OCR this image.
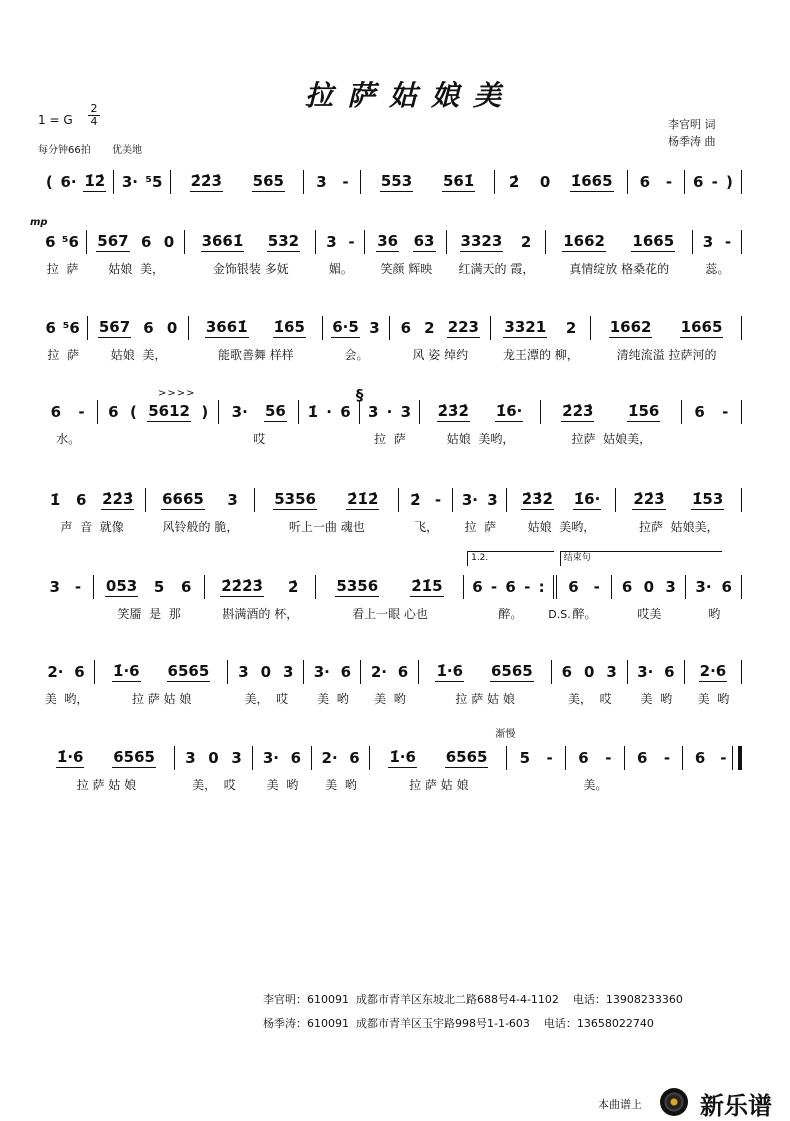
拉萨姑娘美
1 = G
2
4
每分钟66拍 优美地
李官明 词
杨季涛 曲
( 6· 1̇2̇ 3· ⁵5 2̇2̇3̇ 565 3 - 553 561̇ 2̇ 0 1̇665 6 - 6 - )
mp
6 ⁵6
拉  萨
567 6 0
姑娘  美，
3661̇ 532
金饰银装 多妩
3 -
媚。
36 63
笑颜 辉映
3323 2
红满天的 霞，
1662 1665
真情绽放 格桑花的
3 -
蕊。
6 ⁵6
拉  萨
567 6 0
姑娘  美，
3661̇ 1̇65
能歌善舞 样样
6·5 3
会。
6 2 223
风 姿 绰约
3321 2
龙王潭的 柳，
1662 1665
清纯流溢 拉萨河的
6 -
水。
6 ( 5612 )
>>>>
3· 56
哎
1̇ · 6 3 · 3
拉  萨
§
2̇3̇2̇ 1̇6·
姑娘  美哟，
2̇2̇3̇ 1̇56
拉萨  姑娘美，
6 -
1̇ 6 2̇2̇3̇
声  音  就像
6665 3
风铃般的 脆，
5356 2̇1̇2̇
听上一曲 魂也
2̇ -
飞，
3· 3
拉  萨
2̇3̇2̇ 1̇6·
姑娘  美哟，
2̇2̇3̇ 1̇53
拉萨  姑娘美，
3 - 053 5 6
笑靥  是  那
2̇2̇2̇3̇ 2̇
斟满酒的 杯，
5356 2̇1̇5
看上一眼 心也
6 - 6 - :
醉。	D.S.
1.2.
6 -
醉。
结束句
6 0 3
哎美
3· 6
哟
2· 6
美  哟，
1̇·6 6565
拉 萨 姑 娘
3 0 3
美，  哎
3· 6
美  哟
2· 6
美  哟
1̇·6 6565
拉 萨 姑 娘
6 0 3
美，  哎
3· 6
美  哟
2·6
美  哟
1̇·6 6565
拉 萨 姑 娘
3 0 3
美，  哎
3· 6
美  哟
2· 6
美  哟
1̇·6 6565
拉 萨 姑 娘
渐慢
5 - 6 -
美。
6 - 6 -
李官明：610091  成都市青羊区东坡北二路688号4-4-1102    电话：13908233360
杨季涛：610091  成都市青羊区玉宇路998号1-1-603    电话：13658022740
本曲谱上 新乐谱
